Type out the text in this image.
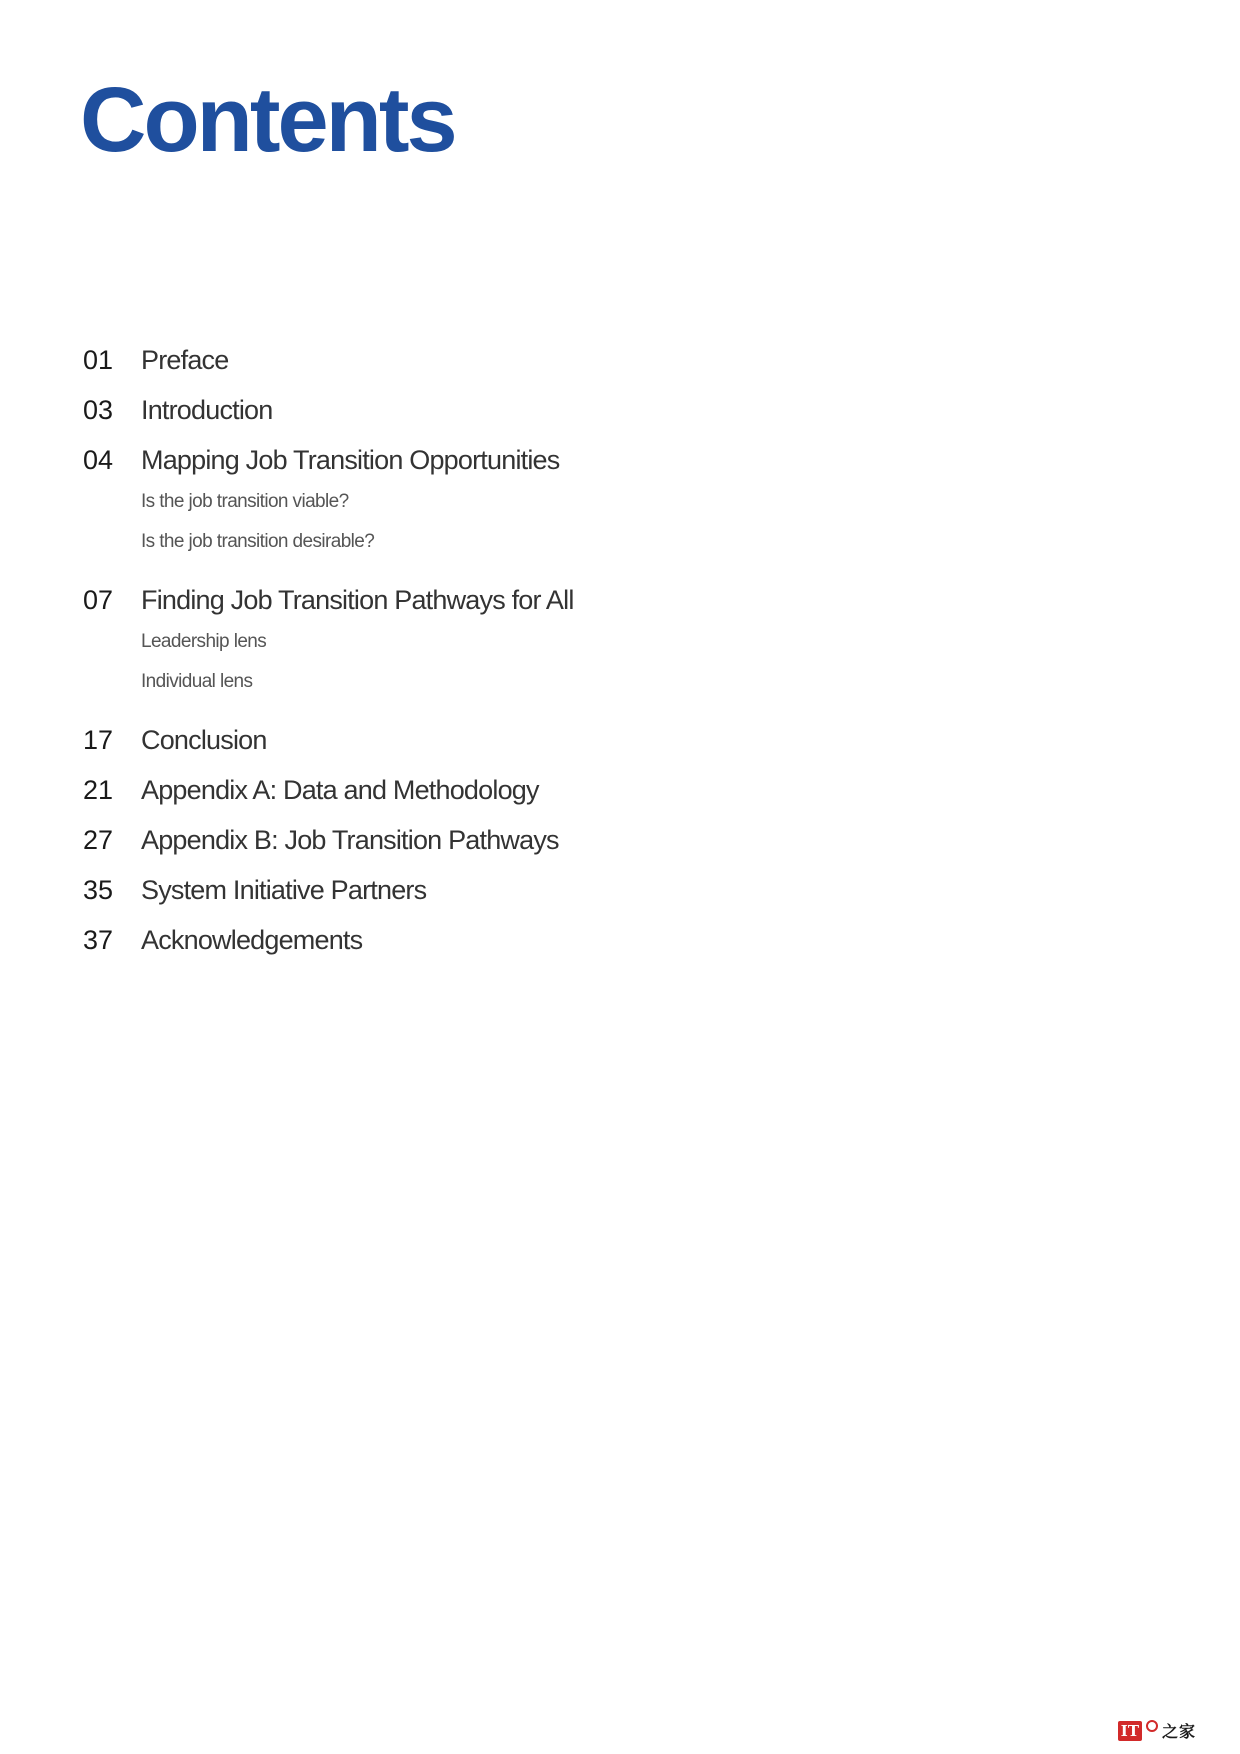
Contents
01	Preface
03	Introduction
04	Mapping Job Transition Opportunities
Is the job transition viable?
Is the job transition desirable?
07	Finding Job Transition Pathways for All
Leadership lens
Individual lens
17	Conclusion
21	Appendix A: Data and Methodology
27	Appendix B: Job Transition Pathways
35	System Initiative Partners
37	Acknowledgements
IT 之家
